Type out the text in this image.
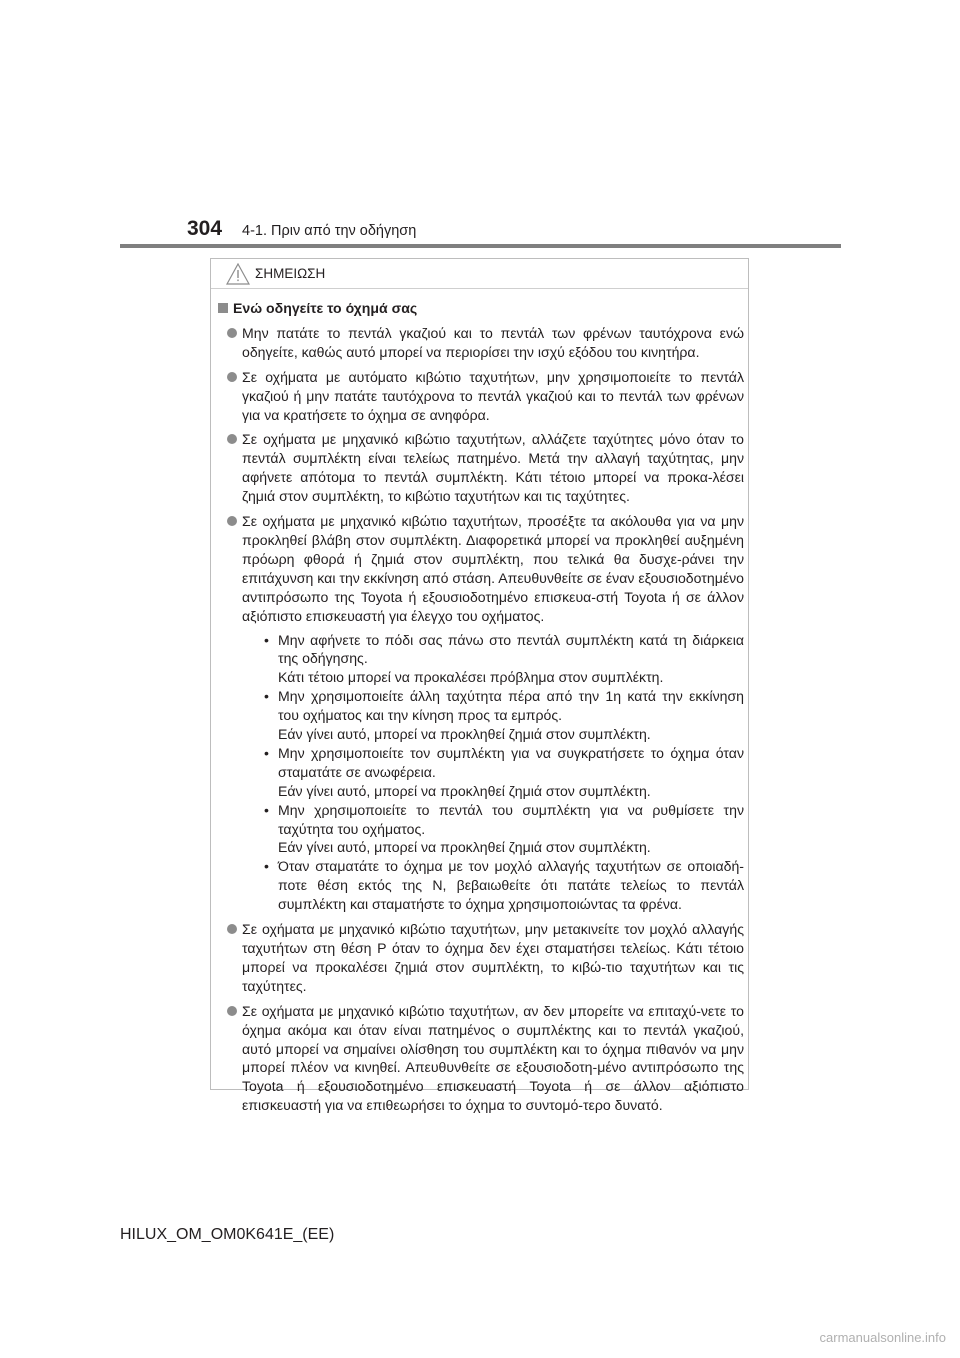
304 4-1. Πριν από την οδήγηση
ΣΗΜΕΙΩΣΗ
Ενώ οδηγείτε το όχημά σας
Μην πατάτε το πεντάλ γκαζιού και το πεντάλ των φρένων ταυτόχρονα ενώ οδηγείτε, καθώς αυτό μπορεί να περιορίσει την ισχύ εξόδου του κινητήρα.
Σε οχήματα με αυτόματο κιβώτιο ταχυτήτων, μην χρησιμοποιείτε το πεντάλ γκαζιού ή μην πατάτε ταυτόχρονα το πεντάλ γκαζιού και το πεντάλ των φρένων για να κρατήσετε το όχημα σε ανηφόρα.
Σε οχήματα με μηχανικό κιβώτιο ταχυτήτων, αλλάζετε ταχύτητες μόνο όταν το πεντάλ συμπλέκτη είναι τελείως πατημένο. Μετά την αλλαγή ταχύτητας, μην αφήνετε απότομα το πεντάλ συμπλέκτη. Κάτι τέτοιο μπορεί να προκα-λέσει ζημιά στον συμπλέκτη, το κιβώτιο ταχυτήτων και τις ταχύτητες.
Σε οχήματα με μηχανικό κιβώτιο ταχυτήτων, προσέξτε τα ακόλουθα για να μην προκληθεί βλάβη στον συμπλέκτη. Διαφορετικά μπορεί να προκληθεί αυξημένη πρόωρη φθορά ή ζημιά στον συμπλέκτη, που τελικά θα δυσχε-ράνει την επιτάχυνση και την εκκίνηση από στάση. Απευθυνθείτε σε έναν εξουσιοδοτημένο αντιπρόσωπο της Toyota ή εξουσιοδοτημένο επισκευα-στή Toyota ή σε άλλον αξιόπιστο επισκευαστή για έλεγχο του οχήματος.
• Μην αφήνετε το πόδι σας πάνω στο πεντάλ συμπλέκτη κατά τη διάρκεια της οδήγησης.
Κάτι τέτοιο μπορεί να προκαλέσει πρόβλημα στον συμπλέκτη.
• Μην χρησιμοποιείτε άλλη ταχύτητα πέρα από την 1η κατά την εκκίνηση του οχήματος και την κίνηση προς τα εμπρός.
Εάν γίνει αυτό, μπορεί να προκληθεί ζημιά στον συμπλέκτη.
• Μην χρησιμοποιείτε τον συμπλέκτη για να συγκρατήσετε το όχημα όταν σταματάτε σε ανωφέρεια.
Εάν γίνει αυτό, μπορεί να προκληθεί ζημιά στον συμπλέκτη.
• Μην χρησιμοποιείτε το πεντάλ του συμπλέκτη για να ρυθμίσετε την ταχύτητα του οχήματος.
Εάν γίνει αυτό, μπορεί να προκληθεί ζημιά στον συμπλέκτη.
• Όταν σταματάτε το όχημα με τον μοχλό αλλαγής ταχυτήτων σε οποιαδή-ποτε θέση εκτός της N, βεβαιωθείτε ότι πατάτε τελείως το πεντάλ συμπλέκτη και σταματήστε το όχημα χρησιμοποιώντας τα φρένα.
Σε οχήματα με μηχανικό κιβώτιο ταχυτήτων, μην μετακινείτε τον μοχλό αλλαγής ταχυτήτων στη θέση P όταν το όχημα δεν έχει σταματήσει τελείως. Κάτι τέτοιο μπορεί να προκαλέσει ζημιά στον συμπλέκτη, το κιβώ-τιο ταχυτήτων και τις ταχύτητες.
Σε οχήματα με μηχανικό κιβώτιο ταχυτήτων, αν δεν μπορείτε να επιταχύ-νετε το όχημα ακόμα και όταν είναι πατημένος ο συμπλέκτης και το πεντάλ γκαζιού, αυτό μπορεί να σημαίνει ολίσθηση του συμπλέκτη και το όχημα πιθανόν να μην μπορεί πλέον να κινηθεί. Απευθυνθείτε σε εξουσιοδοτη-μένο αντιπρόσωπο της Toyota ή εξουσιοδοτημένο επισκευαστή Toyota ή σε άλλον αξιόπιστο επισκευαστή για να επιθεωρήσει το όχημα το συντομό-τερο δυνατό.
HILUX_OM_OM0K641E_(EE)
carmanualsonline.info
